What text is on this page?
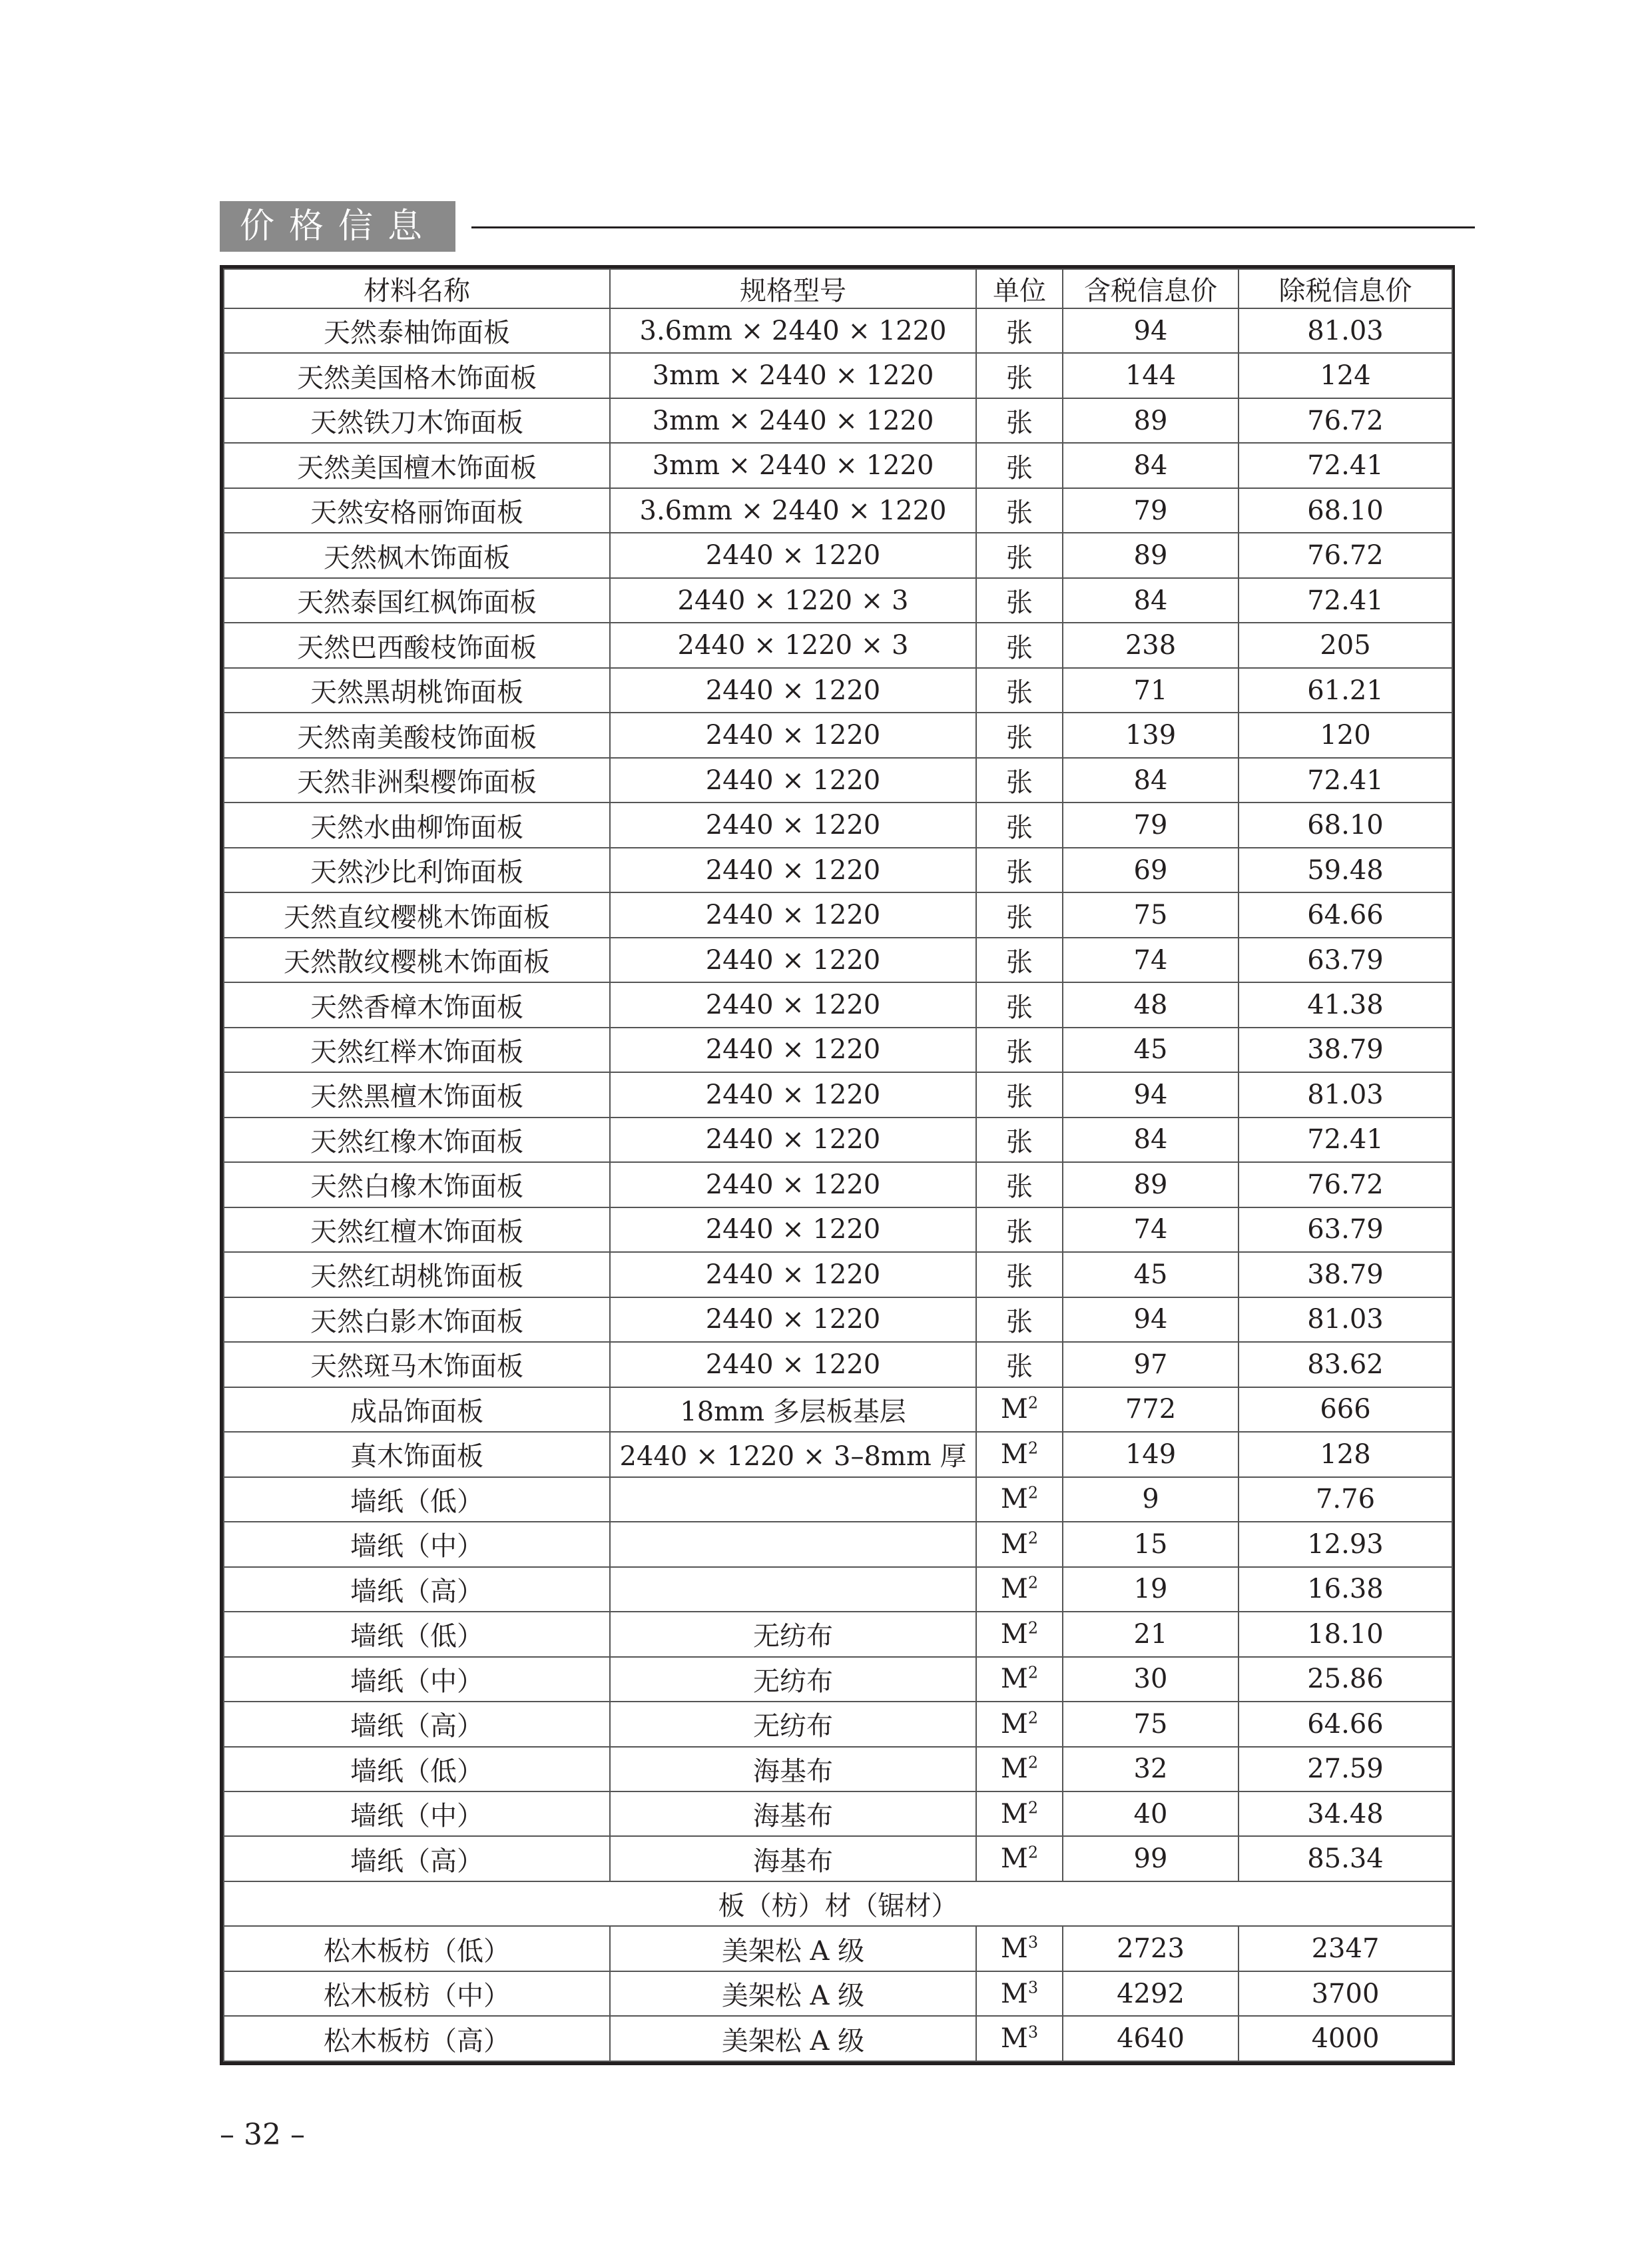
价格信息
材料名称	规格型号	单位	含税信息价	除税信息价
天然泰柚饰面板	3.6mm × 2440 × 1220	张	94	81.03
天然美国格木饰面板	3mm × 2440 × 1220	张	144	124
天然铁刀木饰面板	3mm × 2440 × 1220	张	89	76.72
天然美国檀木饰面板	3mm × 2440 × 1220	张	84	72.41
天然安格丽饰面板	3.6mm × 2440 × 1220	张	79	68.10
天然枫木饰面板	2440 × 1220	张	89	76.72
天然泰国红枫饰面板	2440 × 1220 × 3	张	84	72.41
天然巴西酸枝饰面板	2440 × 1220 × 3	张	238	205
天然黑胡桃饰面板	2440 × 1220	张	71	61.21
天然南美酸枝饰面板	2440 × 1220	张	139	120
天然非洲梨樱饰面板	2440 × 1220	张	84	72.41
天然水曲柳饰面板	2440 × 1220	张	79	68.10
天然沙比利饰面板	2440 × 1220	张	69	59.48
天然直纹樱桃木饰面板	2440 × 1220	张	75	64.66
天然散纹樱桃木饰面板	2440 × 1220	张	74	63.79
天然香樟木饰面板	2440 × 1220	张	48	41.38
天然红榉木饰面板	2440 × 1220	张	45	38.79
天然黑檀木饰面板	2440 × 1220	张	94	81.03
天然红橡木饰面板	2440 × 1220	张	84	72.41
天然白橡木饰面板	2440 × 1220	张	89	76.72
天然红檀木饰面板	2440 × 1220	张	74	63.79
天然红胡桃饰面板	2440 × 1220	张	45	38.79
天然白影木饰面板	2440 × 1220	张	94	81.03
天然斑马木饰面板	2440 × 1220	张	97	83.62
成品饰面板	18mm 多层板基层	$M^2$	772	666
真木饰面板	2440 × 1220 × 3–8mm 厚	$M^2$	149	128
墙纸（低）		$M^2$	9	7.76
墙纸（中）		$M^2$	15	12.93
墙纸（高）		$M^2$	19	16.38
墙纸（低）	无纺布	$M^2$	21	18.10
墙纸（中）	无纺布	$M^2$	30	25.86
墙纸（高）	无纺布	$M^2$	75	64.66
墙纸（低）	海基布	$M^2$	32	27.59
墙纸（中）	海基布	$M^2$	40	34.48
墙纸（高）	海基布	$M^2$	99	85.34
板（枋）材（锯材）				
松木板枋（低）	美架松 A 级	$M^3$	2723	2347
松木板枋（中）	美架松 A 级	$M^3$	4292	3700
松木板枋（高）	美架松 A 级	$M^3$	4640	4000
– 32 –
